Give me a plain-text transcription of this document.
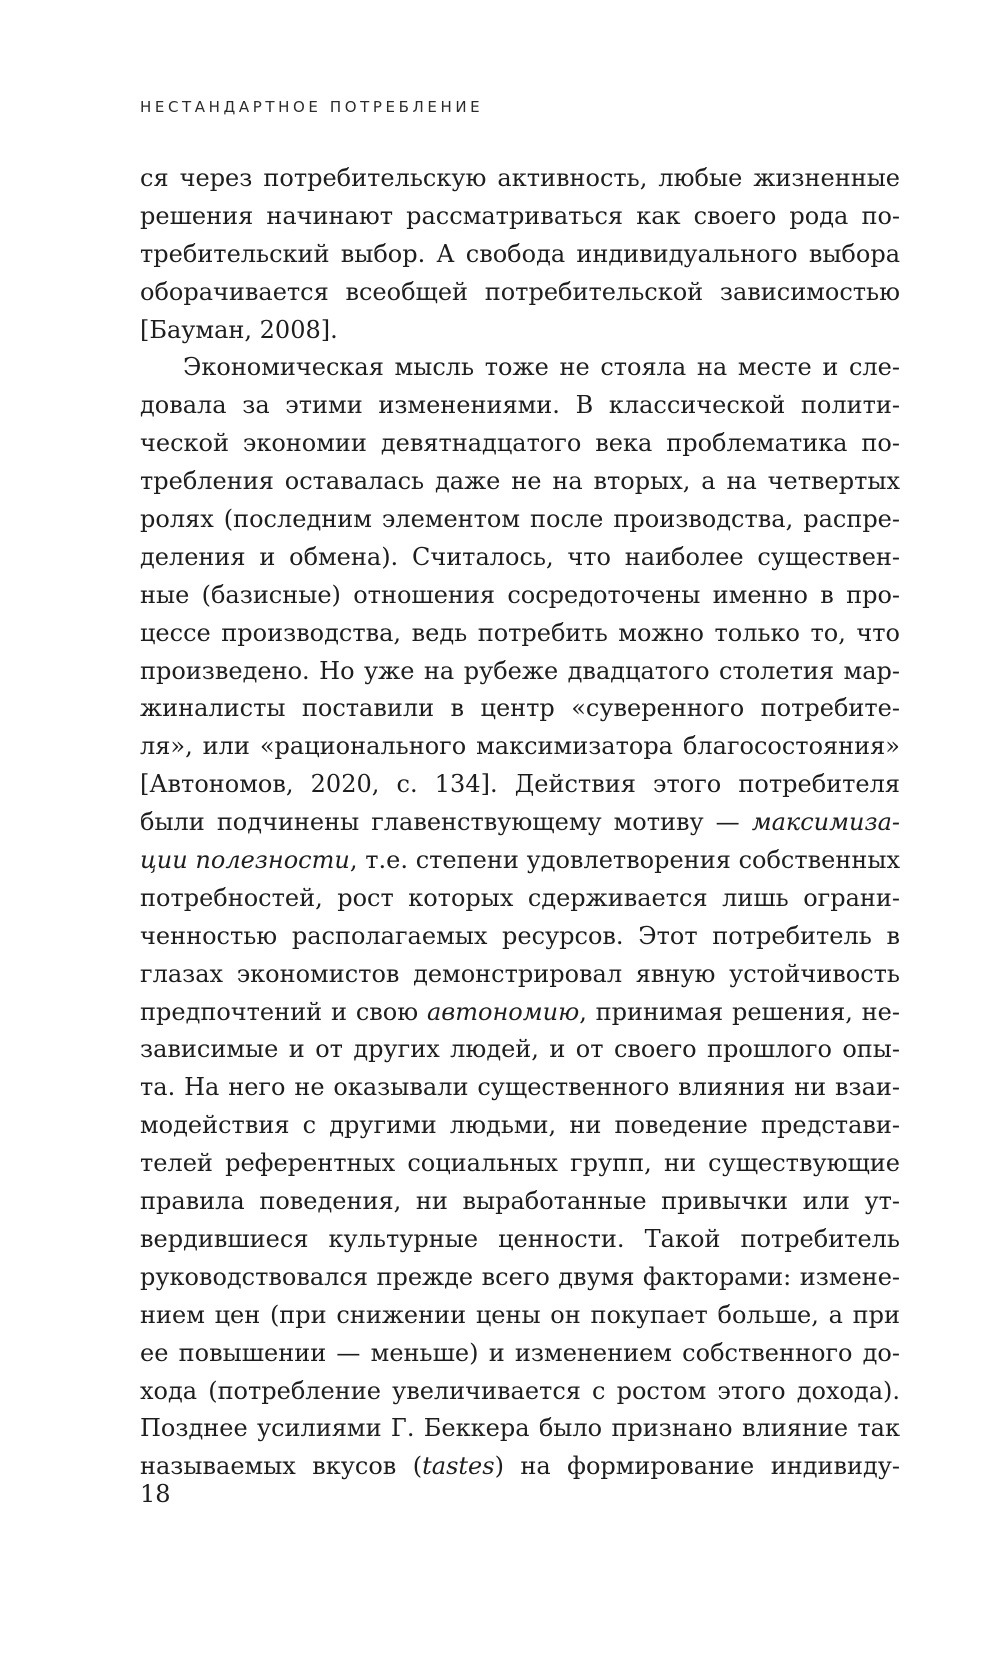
НЕСТАНДАРТНОЕ ПОТРЕБЛЕНИЕ
ся через потребительскую активность, любые жизненные
решения начинают рассматриваться как своего рода по-
требительский выбор. А свобода индивидуального выбора
оборачивается всеобщей потребительской зависимостью
[Бауман, 2008].
Экономическая мысль тоже не стояла на месте и сле-
довала за этими изменениями. В классической полити-
ческой экономии девятнадцатого века проблематика по-
требления оставалась даже не на вторых, а на четвертых
ролях (последним элементом после производства, распре-
деления и обмена). Считалось, что наиболее существен-
ные (базисные) отношения сосредоточены именно в про-
цессе производства, ведь потребить можно только то, что
произведено. Но уже на рубеже двадцатого столетия мар-
жиналисты поставили в центр «суверенного потребите-
ля», или «рационального максимизатора благосостояния»
[Автономов, 2020, с. 134]. Действия этого потребителя
были подчинены главенствующему мотиву — максимиза-
ции полезности, т.е. степени удовлетворения собственных
потребностей, рост которых сдерживается лишь ограни-
ченностью располагаемых ресурсов. Этот потребитель в
глазах экономистов демонстрировал явную устойчивость
предпочтений и свою автономию, принимая решения, не-
зависимые и от других людей, и от своего прошлого опы-
та. На него не оказывали существенного влияния ни взаи-
модействия с другими людьми, ни поведение представи-
телей референтных социальных групп, ни существующие
правила поведения, ни выработанные привычки или ут-
вердившиеся культурные ценности. Такой потребитель
руководствовался прежде всего двумя факторами: измене-
нием цен (при снижении цены он покупает больше, а при
ее повышении — меньше) и изменением собственного до-
хода (потребление увеличивается с ростом этого дохода).
Позднее усилиями Г. Беккера было признано влияние так
называемых вкусов (tastes) на формирование индивиду-
18
